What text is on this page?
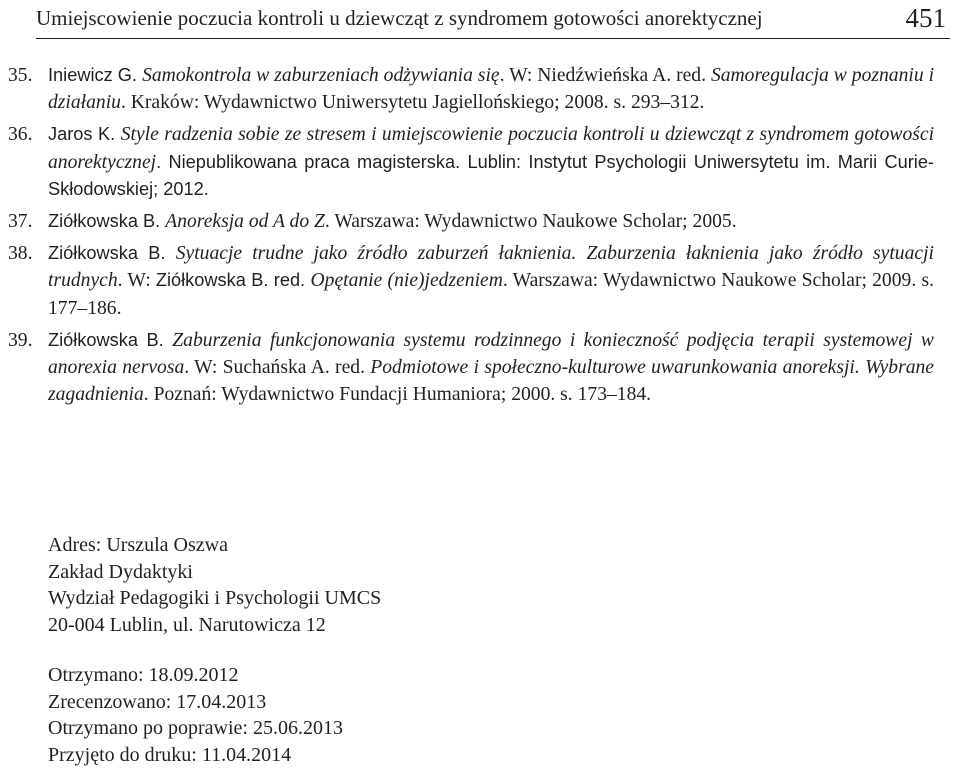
Umiejscowienie poczucia kontroli u dziewcząt z syndromem gotowości anorektycznej	451
35. Iniewicz G. Samokontrola w zaburzeniach odżywiania się. W: Niedźwieńska A. red. Samoregulacja w poznaniu i działaniu. Kraków: Wydawnictwo Uniwersytetu Jagiellońskiego; 2008. s. 293–312.
36. Jaros K. Style radzenia sobie ze stresem i umiejscowienie poczucia kontroli u dziewcząt z syndromem gotowości anorektycznej. Niepublikowana praca magisterska. Lublin: Instytut Psychologii Uniwersytetu im. Marii Curie-Skłodowskiej; 2012.
37. Ziółkowska B. Anoreksja od A do Z. Warszawa: Wydawnictwo Naukowe Scholar; 2005.
38. Ziółkowska B. Sytuacje trudne jako źródło zaburzeń łaknienia. Zaburzenia łaknienia jako źródło sytuacji trudnych. W: Ziółkowska B. red. Opętanie (nie)jedzeniem. Warszawa: Wydawnictwo Naukowe Scholar; 2009. s. 177–186.
39. Ziółkowska B. Zaburzenia funkcjonowania systemu rodzinnego i konieczność podjęcia terapii systemowej w anorexia nervosa. W: Suchańska A. red. Podmiotowe i społeczno-kulturowe uwarunkowania anoreksji. Wybrane zagadnienia. Poznań: Wydawnictwo Fundacji Humaniora; 2000. s. 173–184.
Adres: Urszula Oszwa
Zakład Dydaktyki
Wydział Pedagogiki i Psychologii UMCS
20-004 Lublin, ul. Narutowicza 12
Otrzymano: 18.09.2012
Zrecenzowano: 17.04.2013
Otrzymano po poprawie: 25.06.2013
Przyjęto do druku: 11.04.2014
